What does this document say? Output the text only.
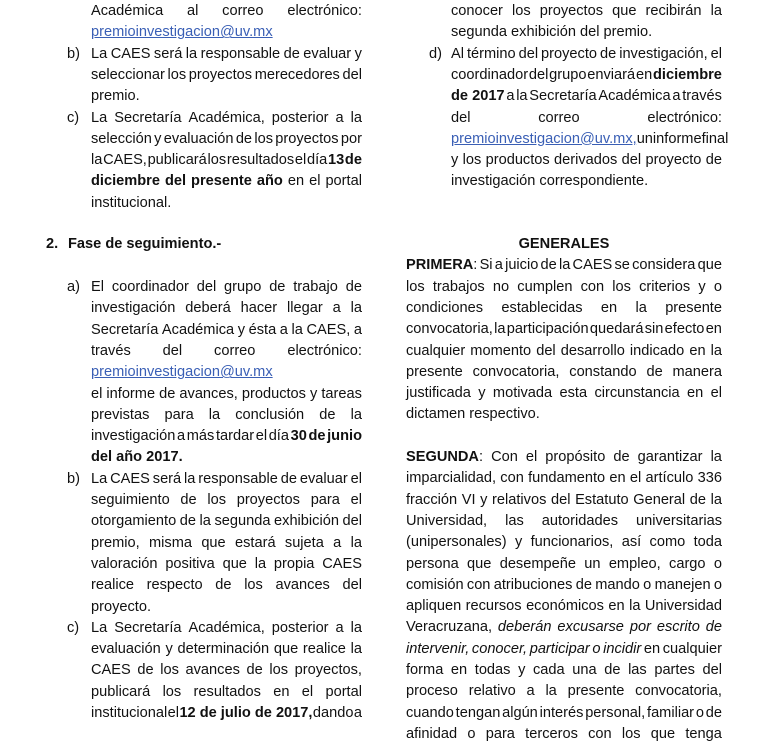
Académica al correo electrónico:
premioinvestigacion@uv.mx
b) La CAES será la responsable de evaluar y
seleccionar los proyectos merecedores del
premio.
c) La Secretaría Académica, posterior a la
selección y evaluación de los proyectos por
la CAES, publicará los resultados el día 13 de
diciembre del presente año en el portal
institucional.
2. Fase de seguimiento.-
a) El coordinador del grupo de trabajo de
investigación deberá hacer llegar a la
Secretaría Académica y ésta a la CAES, a
través del correo electrónico:
premioinvestigacion@uv.mx
el informe de avances, productos y tareas
previstas para la conclusión de la
investigación a más tardar el día 30 de junio
del año 2017.
b) La CAES será la responsable de evaluar el
seguimiento de los proyectos para el
otorgamiento de la segunda exhibición del
premio, misma que estará sujeta a la
valoración positiva que la propia CAES
realice respecto de los avances del
proyecto.
c) La Secretaría Académica, posterior a la
evaluación y determinación que realice la
CAES de los avances de los proyectos,
publicará los resultados en el portal
institucional el 12 de julio de 2017, dando a
conocer los proyectos que recibirán la
segunda exhibición del premio.
d) Al término del proyecto de investigación, el
coordinador del grupo enviará en diciembre
de 2017 a la Secretaría Académica a través
del	correo	electrónico:
premioinvestigacion@uv.mx, un informe final
y los productos derivados del proyecto de
investigación correspondiente.
GENERALES
PRIMERA: Si a juicio de la CAES se considera que
los trabajos no cumplen con los criterios y o
condiciones establecidas en la presente
convocatoria, la participación quedará sin efecto en
cualquier momento del desarrollo indicado en la
presente convocatoria, constando de manera
justificada y motivada esta circunstancia en el
dictamen respectivo.
SEGUNDA: Con el propósito de garantizar la
imparcialidad, con fundamento en el artículo 336
fracción VI y relativos del Estatuto General de la
Universidad, las autoridades universitarias
(unipersonales) y funcionarios, así como toda
persona que desempeñe un empleo, cargo o
comisión con atribuciones de mando o manejen o
apliquen recursos económicos en la Universidad
Veracruzana, deberán excusarse por escrito de
intervenir, conocer, participar o incidir en cualquier
forma en todas y cada una de las partes del
proceso relativo a la presente convocatoria,
cuando tengan algún interés personal, familiar o de
afinidad o para terceros con los que tenga
